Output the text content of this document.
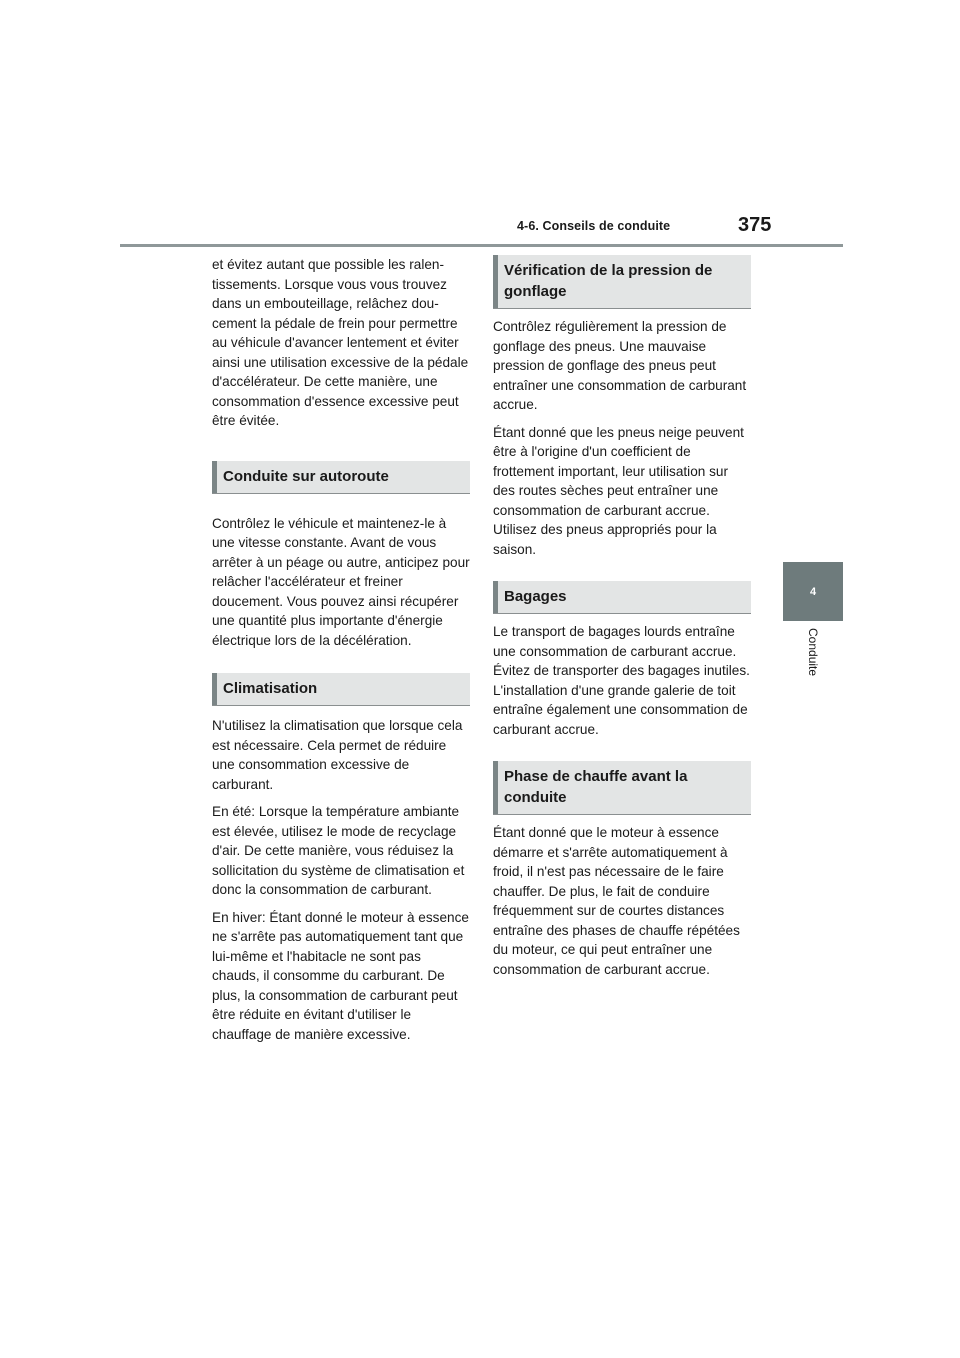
4-6. Conseils de conduite	375
4
Conduite

et évitez autant que possible les ralentissements. Lorsque vous vous trouvez dans un embouteillage, relâchez doucement la pédale de frein pour permettre au véhicule d'avancer lentement et éviter ainsi une utilisation excessive de la pédale d'accélérateur. De cette manière, une consommation d'essence excessive peut être évitée.

Conduite sur autoroute

Contrôlez le véhicule et maintenez-le à une vitesse constante. Avant de vous arrêter à un péage ou autre, anticipez pour relâcher l'accélérateur et freiner doucement. Vous pouvez ainsi récupérer une quantité plus importante d'énergie électrique lors de la décélération.

Climatisation

N'utilisez la climatisation que lorsque cela est nécessaire. Cela permet de réduire une consommation excessive de carburant.

En été: Lorsque la température ambiante est élevée, utilisez le mode de recyclage d'air. De cette manière, vous réduisez la sollicitation du système de climatisation et donc la consommation de carburant.

En hiver: Étant donné le moteur à essence ne s'arrête pas automatiquement tant que lui-même et l'habitacle ne sont pas chauds, il consomme du carburant. De plus, la consommation de carburant peut être réduite en évitant d'utiliser le chauffage de manière excessive.

Vérification de la pression de gonflage

Contrôlez régulièrement la pression de gonflage des pneus. Une mauvaise pression de gonflage des pneus peut entraîner une consommation de carburant accrue.

Étant donné que les pneus neige peuvent être à l'origine d'un coefficient de frottement important, leur utilisation sur des routes sèches peut entraîner une consommation de carburant accrue. Utilisez des pneus appropriés pour la saison.

Bagages

Le transport de bagages lourds entraîne une consommation de carburant accrue. Évitez de transporter des bagages inutiles. L'installation d'une grande galerie de toit entraîne également une consommation de carburant accrue.

Phase de chauffe avant la conduite

Étant donné que le moteur à essence démarre et s'arrête automatiquement à froid, il n'est pas nécessaire de le faire chauffer. De plus, le fait de conduire fréquemment sur de courtes distances entraîne des phases de chauffe répétées du moteur, ce qui peut entraîner une consommation de carburant accrue.
